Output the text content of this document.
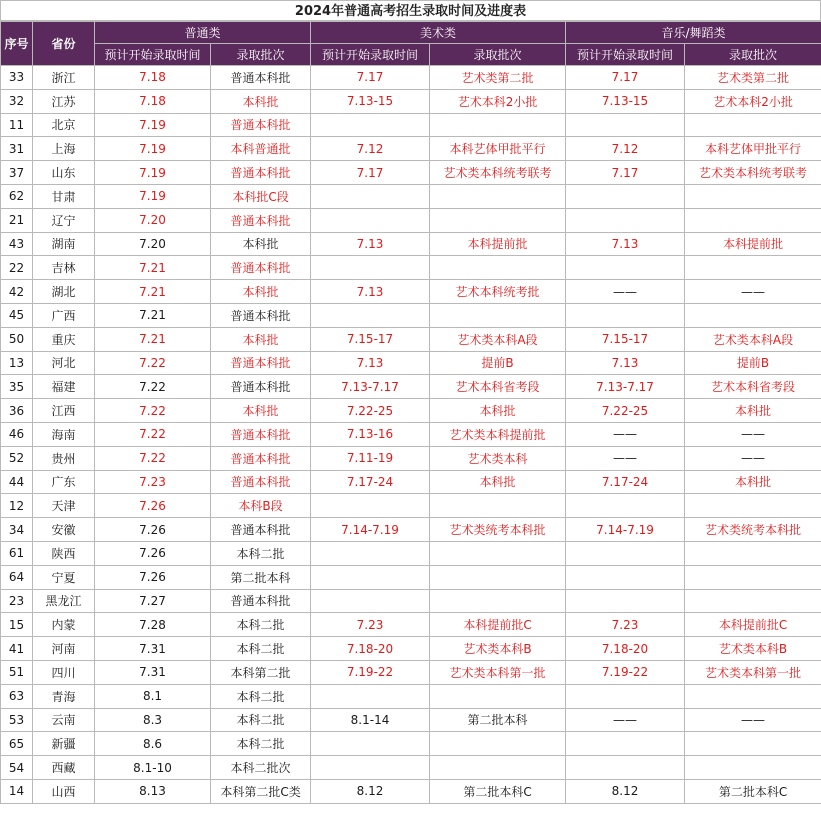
2024年普通高考招生录取时间及进度表
序号	省份	普通类		美术类		音乐/舞蹈类	
		预计开始录取时间	录取批次	预计开始录取时间	录取批次	预计开始录取时间	录取批次
33	浙江	7.18	普通本科批	7.17	艺术类第二批	7.17	艺术类第二批
32	江苏	7.18	本科批	7.13-15	艺术本科2小批	7.13-15	艺术本科2小批
11	北京	7.19	普通本科批				
31	上海	7.19	本科普通批	7.12	本科艺体甲批平行	7.12	本科艺体甲批平行
37	山东	7.19	普通本科批	7.17	艺术类本科统考联考	7.17	艺术类本科统考联考
62	甘肃	7.19	本科批C段				
21	辽宁	7.20	普通本科批				
43	湖南	7.20	本科批	7.13	本科提前批	7.13	本科提前批
22	吉林	7.21	普通本科批				
42	湖北	7.21	本科批	7.13	艺术本科统考批	——	——
45	广西	7.21	普通本科批				
50	重庆	7.21	本科批	7.15-17	艺术类本科A段	7.15-17	艺术类本科A段
13	河北	7.22	普通本科批	7.13	提前B	7.13	提前B
35	福建	7.22	普通本科批	7.13-7.17	艺术本科省考段	7.13-7.17	艺术本科省考段
36	江西	7.22	本科批	7.22-25	本科批	7.22-25	本科批
46	海南	7.22	普通本科批	7.13-16	艺术类本科提前批	——	——
52	贵州	7.22	普通本科批	7.11-19	艺术类本科	——	——
44	广东	7.23	普通本科批	7.17-24	本科批	7.17-24	本科批
12	天津	7.26	本科B段				
34	安徽	7.26	普通本科批	7.14-7.19	艺术类统考本科批	7.14-7.19	艺术类统考本科批
61	陕西	7.26	本科二批				
64	宁夏	7.26	第二批本科				
23	黑龙江	7.27	普通本科批				
15	内蒙	7.28	本科二批	7.23	本科提前批C	7.23	本科提前批C
41	河南	7.31	本科二批	7.18-20	艺术类本科B	7.18-20	艺术类本科B
51	四川	7.31	本科第二批	7.19-22	艺术类本科第一批	7.19-22	艺术类本科第一批
63	青海	8.1	本科二批				
53	云南	8.3	本科二批	8.1-14	第二批本科	——	——
65	新疆	8.6	本科二批				
54	西藏	8.1-10	本科二批次				
14	山西	8.13	本科第二批C类	8.12	第二批本科C	8.12	第二批本科C
